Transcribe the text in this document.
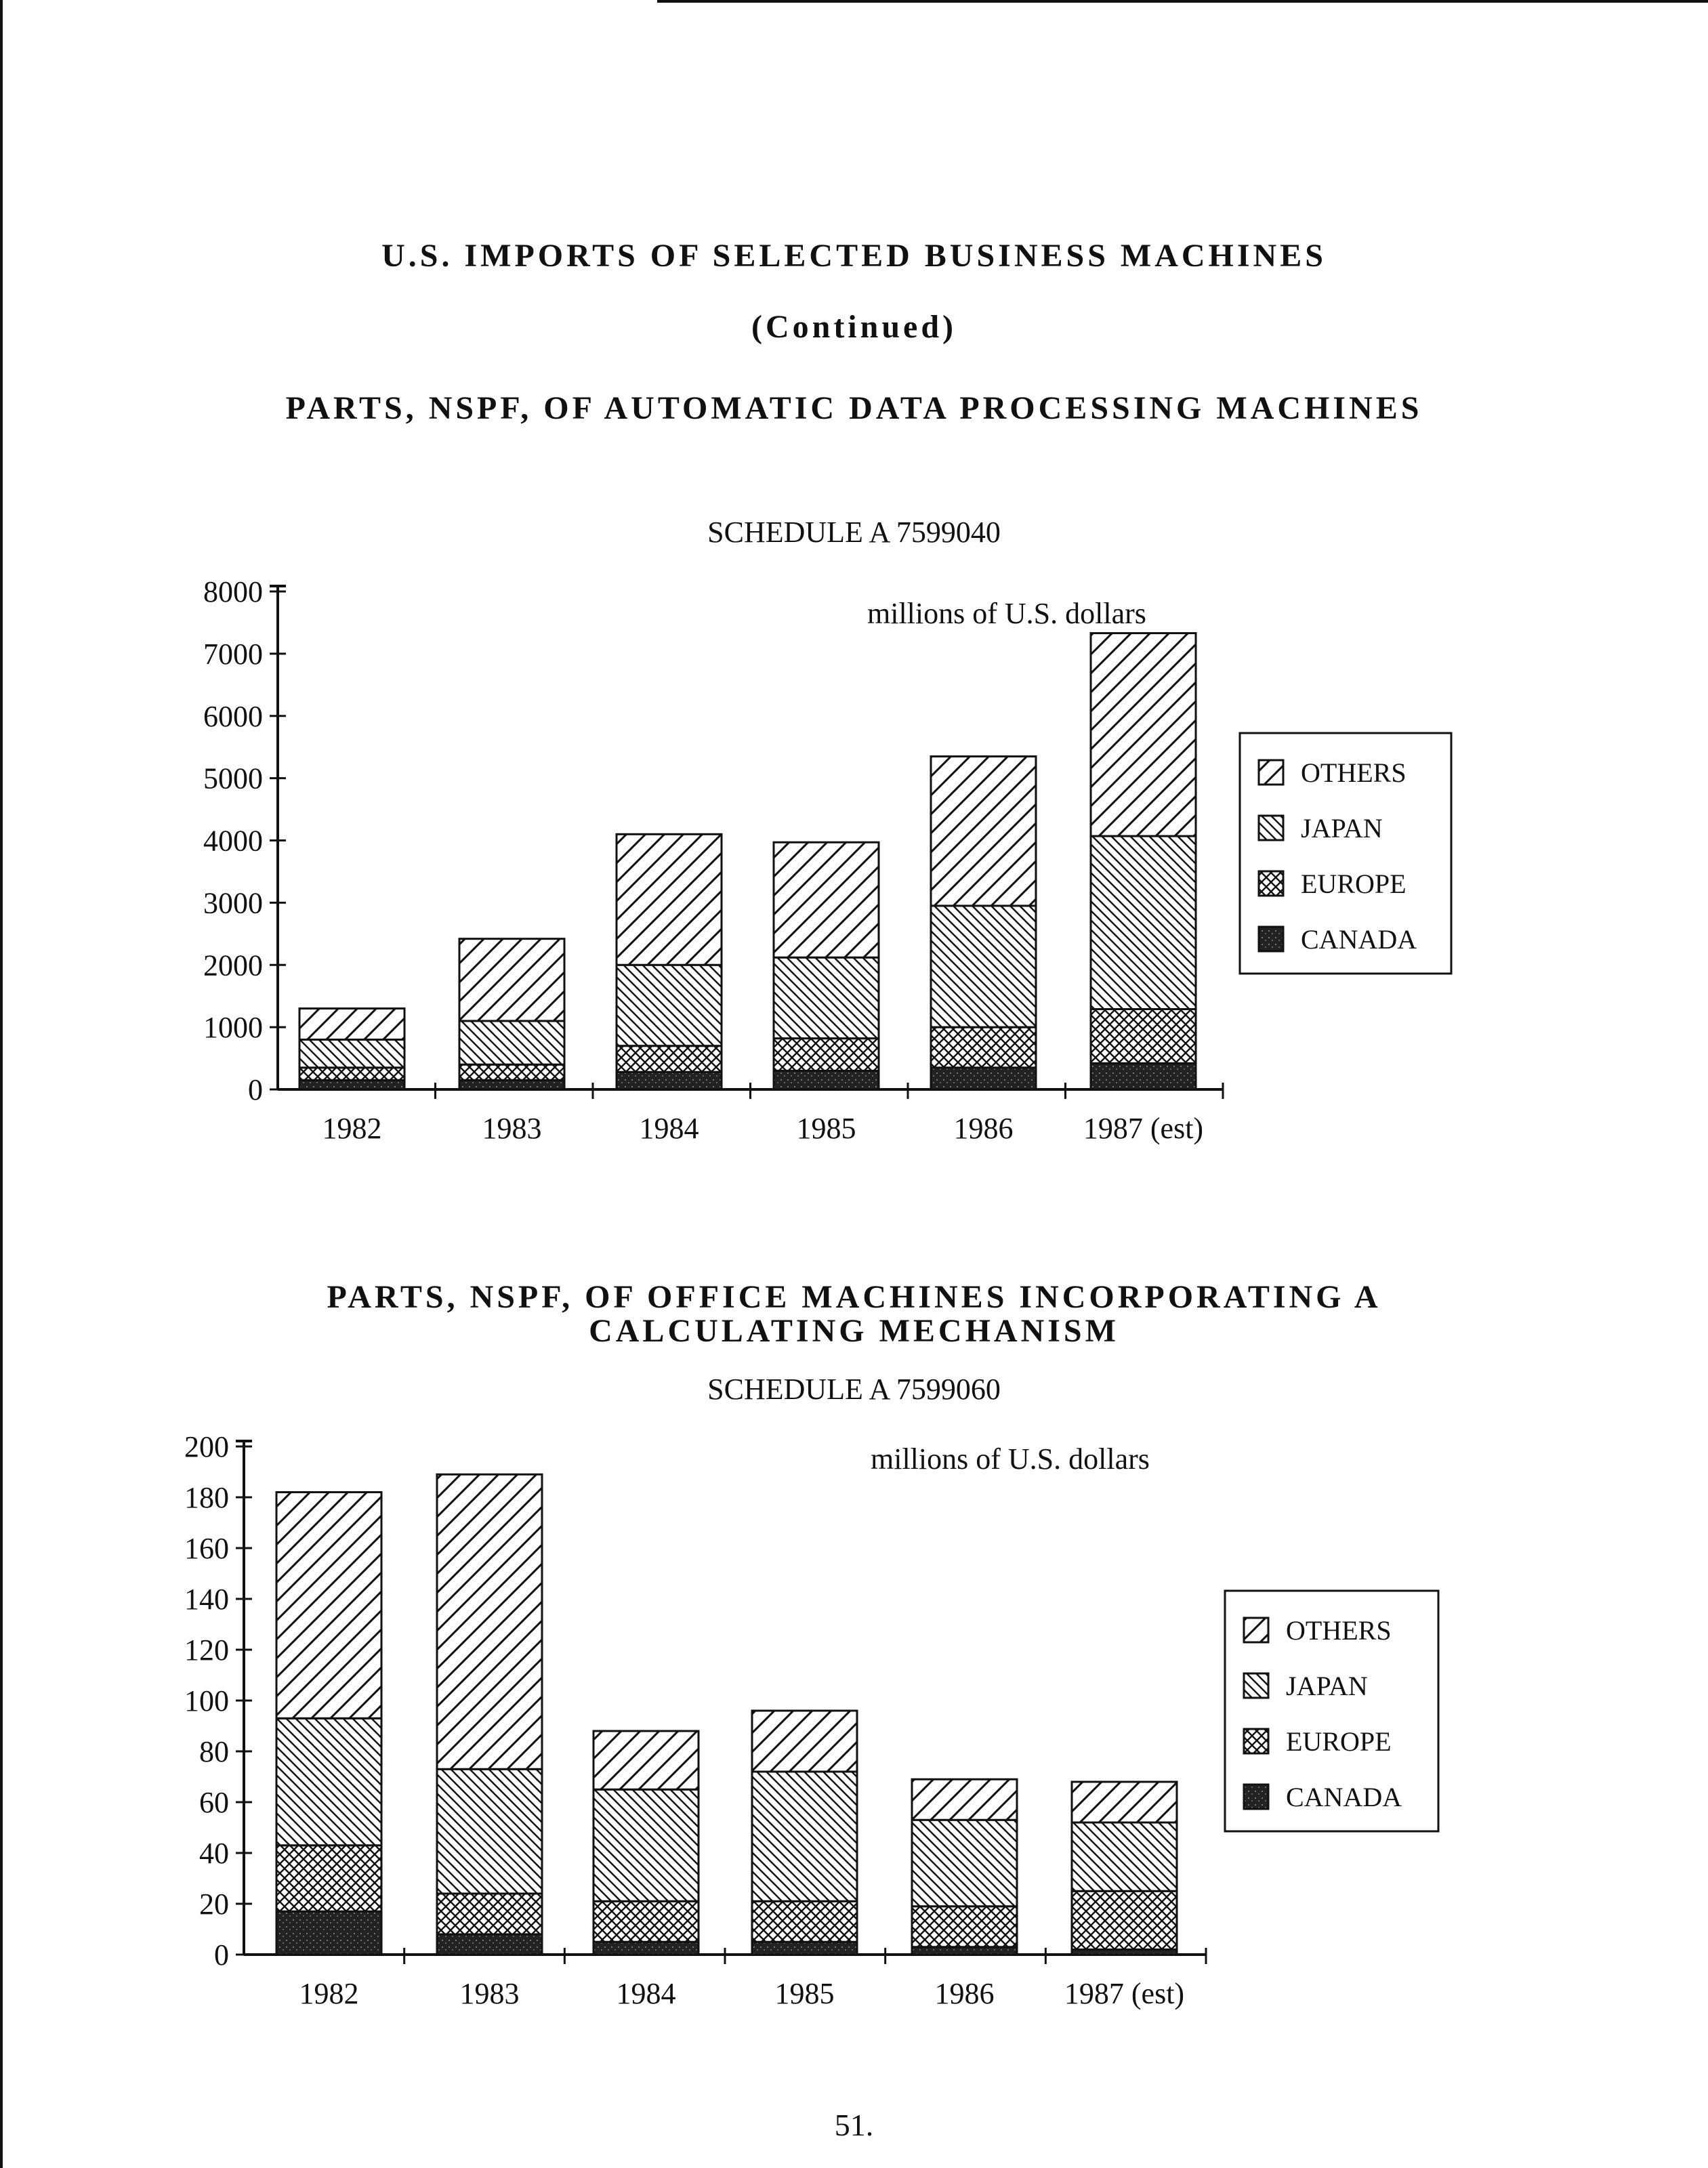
U.S. IMPORTS OF SELECTED BUSINESS MACHINES
(Continued)
PARTS, NSPF, OF AUTOMATIC DATA PROCESSING MACHINES
SCHEDULE A 7599040
PARTS, NSPF, OF OFFICE MACHINES INCORPORATING A
CALCULATING MECHANISM
SCHEDULE A 7599060
0
1000
2000
3000
4000
5000
6000
7000
8000
1982	1983	1984	1985	1986 1987 (est)
millions of U.S. dollars
OTHERS
JAPAN
EUROPE
CANADA
0
20
40
60
80
100
120
140
160
180
200
1982	1983	1984	1985	1986 1987 (est)
millions of U.S. dollars
OTHERS
JAPAN
EUROPE
CANADA
51.
